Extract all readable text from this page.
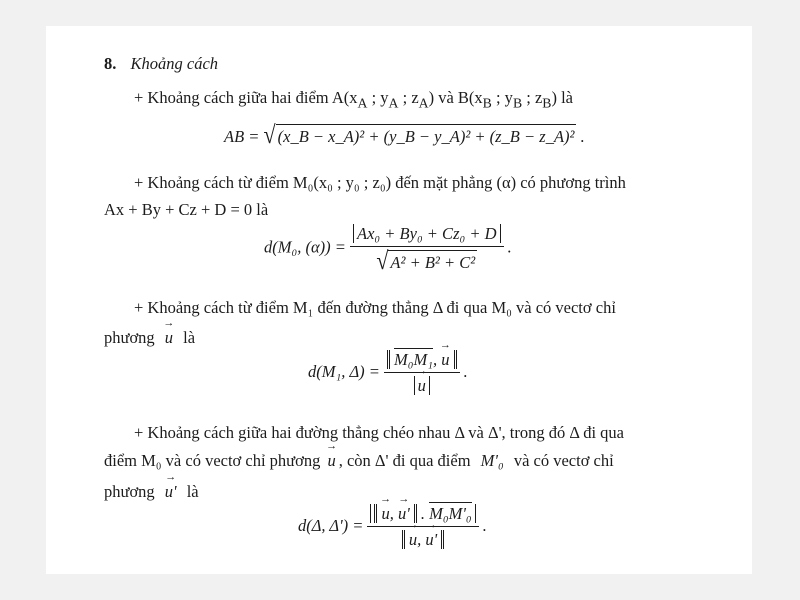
8. Khoảng cách
+ Khoảng cách giữa hai điểm $A(x_A$ ; $y_A$ ; $z_A$) và $B(x_B$ ; $y_B$ ; $z_B$) là
AB = √ (x_B − x_A)² + (y_B − y_A)² + (z_B − z_A)² .
+ Khoảng cách từ điểm M₀(x₀ ; y₀ ; z₀) đến mặt phẳng (α) có phương trình
Ax + By + Cz + D = 0 là
d(M₀, $(\alpha)) = \frac{\text{Ax₀ + By₀ + Cz₀ + D}}{\text{√ A² + B² + C²}}$ .
+ Khoảng cách từ điểm M₁ đến đường thẳng Δ đi qua M₀ và có vectơ chỉ
phương → u là
d(M₁, Δ) = M₀M₁, → u
→ u .
+ Khoảng cách giữa hai đường thẳng chéo nhau Δ và Δ', trong đó Δ đi qua
điểm M₀ và có vectơ chỉ phương → u , còn Δ' đi qua điểm M'₀ và có vectơ chỉ
phương → u' là
d(Δ, Δ') = → u, → u' . M₀M'₀
→ u, → u' .
